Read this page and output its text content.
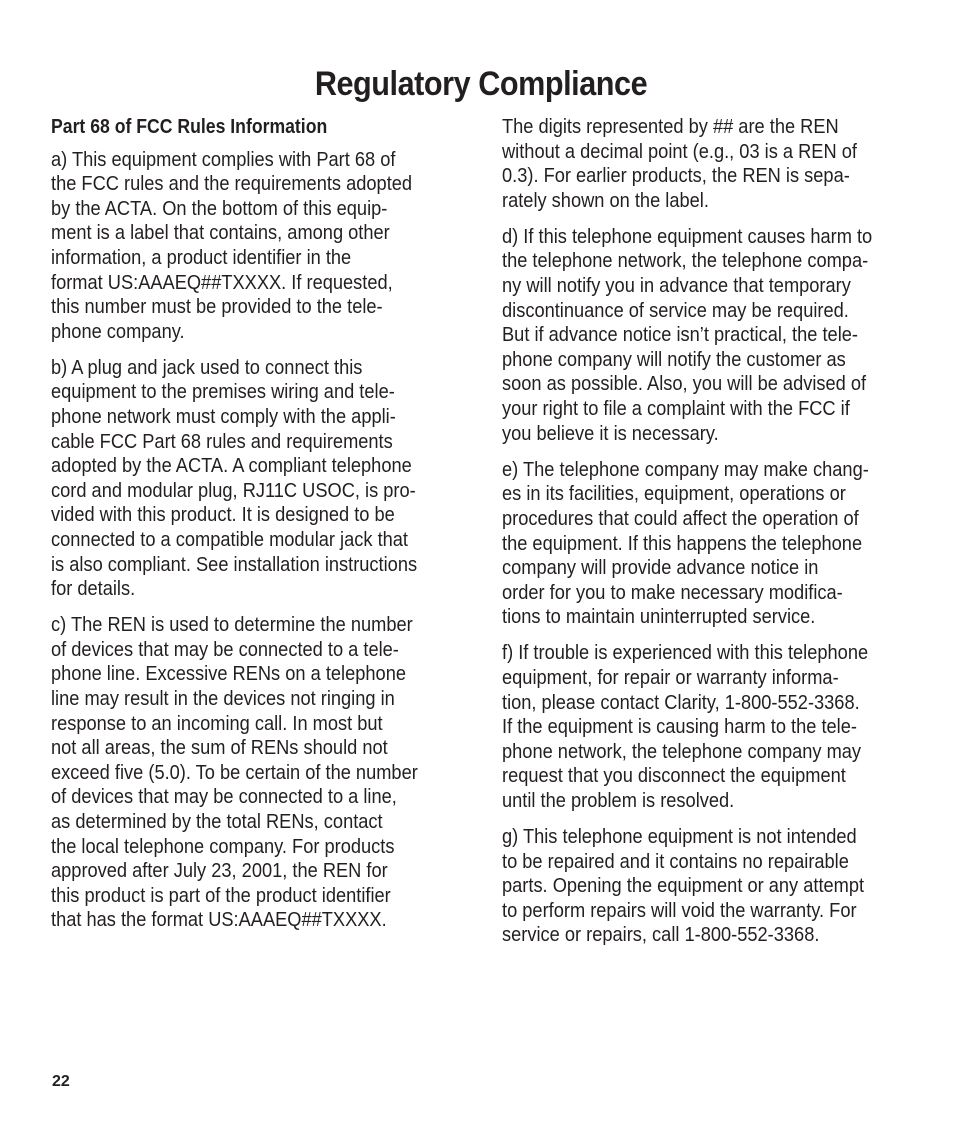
Regulatory Compliance
Part 68 of FCC Rules Information
a) This equipment complies with Part 68 of
the FCC rules and the requirements adopted
by the ACTA. On the bottom of this equip-
ment is a label that contains, among other
information, a product identifier in the
format US:AAAEQ##TXXXX. If requested,
this number must be provided to the tele-
phone company.
b) A plug and jack used to connect this
equipment to the premises wiring and tele-
phone network must comply with the appli-
cable FCC Part 68 rules and requirements
adopted by the ACTA. A compliant telephone
cord and modular plug, RJ11C USOC, is pro-
vided with this product. It is designed to be
connected to a compatible modular jack that
is also compliant. See installation instructions
for details.
c) The REN is used to determine the number
of devices that may be connected to a tele-
phone line. Excessive RENs on a telephone
line may result in the devices not ringing in
response to an incoming call. In most but
not all areas, the sum of RENs should not
exceed five (5.0). To be certain of the number
of devices that may be connected to a line,
as determined by the total RENs, contact
the local telephone company. For products
approved after July 23, 2001, the REN for
this product is part of the product identifier
that has the format US:AAAEQ##TXXXX.
The digits represented by ## are the REN
without a decimal point (e.g., 03 is a REN of
0.3). For earlier products, the REN is sepa-
rately shown on the label.
d) If this telephone equipment causes harm to
the telephone network, the telephone compa-
ny will notify you in advance that temporary
discontinuance of service may be required.
But if advance notice isn’t practical, the tele-
phone company will notify the customer as
soon as possible. Also, you will be advised of
your right to file a complaint with the FCC if
you believe it is necessary.
e) The telephone company may make chang-
es in its facilities, equipment, operations or
procedures that could affect the operation of
the equipment. If this happens the telephone
company will provide advance notice in
order for you to make necessary modifica-
tions to maintain uninterrupted service.
f) If trouble is experienced with this telephone
equipment, for repair or warranty informa-
tion, please contact Clarity, 1-800-552-3368.
If the equipment is causing harm to the tele-
phone network, the telephone company may
request that you disconnect the equipment
until the problem is resolved.
g) This telephone equipment is not intended
to be repaired and it contains no repairable
parts. Opening the equipment or any attempt
to perform repairs will void the warranty. For
service or repairs, call 1-800-552-3368.
22
